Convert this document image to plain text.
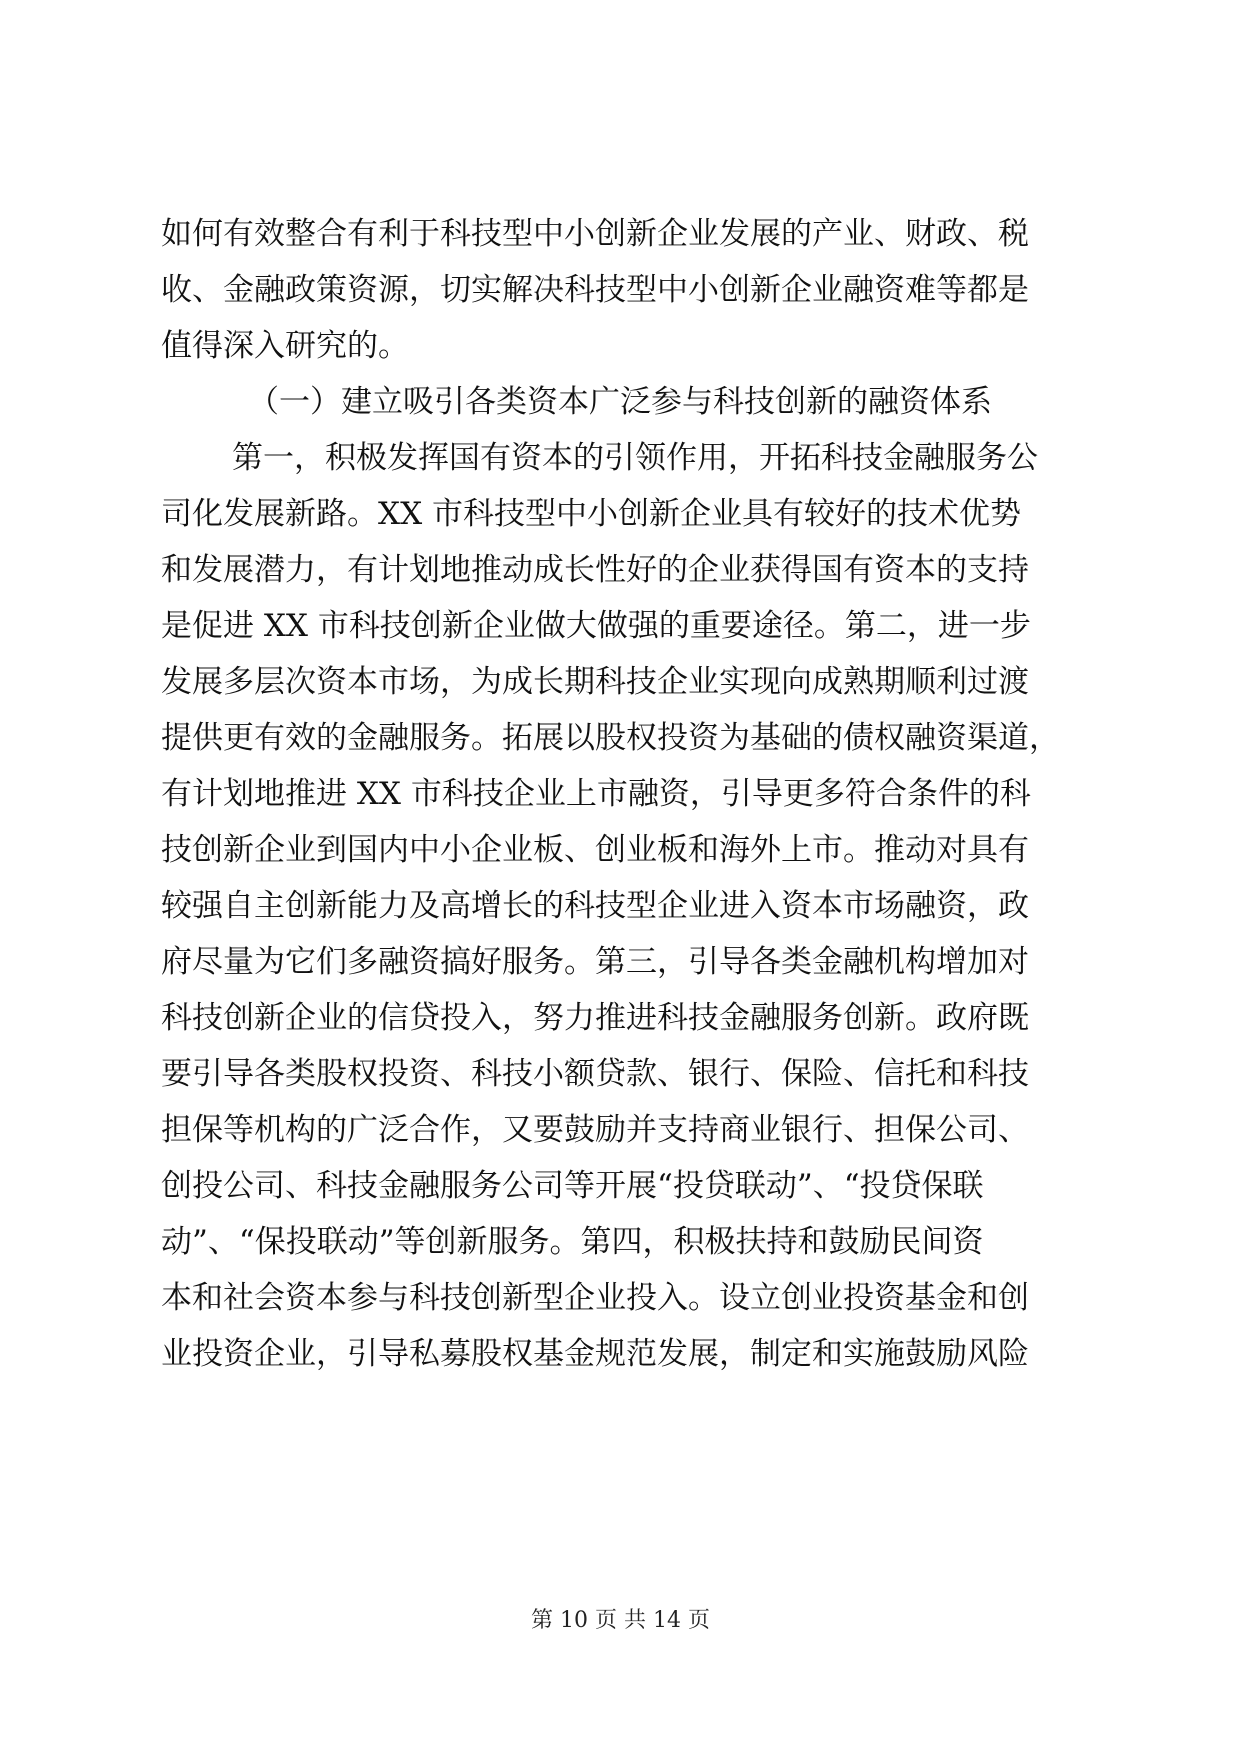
如何有效整合有利于科技型中小创新企业发展的产业、财政、税
收、金融政策资源，切实解决科技型中小创新企业融资难等都是
值得深入研究的。
（一）建立吸引各类资本广泛参与科技创新的融资体系
第一，积极发挥国有资本的引领作用，开拓科技金融服务公
司化发展新路。XX 市科技型中小创新企业具有较好的技术优势
和发展潜力，有计划地推动成长性好的企业获得国有资本的支持
是促进 XX 市科技创新企业做大做强的重要途径。第二，进一步
发展多层次资本市场，为成长期科技企业实现向成熟期顺利过渡
提供更有效的金融服务。拓展以股权投资为基础的债权融资渠道，
有计划地推进 XX 市科技企业上市融资，引导更多符合条件的科
技创新企业到国内中小企业板、创业板和海外上市。推动对具有
较强自主创新能力及高增长的科技型企业进入资本市场融资，政
府尽量为它们多融资搞好服务。第三，引导各类金融机构增加对
科技创新企业的信贷投入，努力推进科技金融服务创新。政府既
要引导各类股权投资、科技小额贷款、银行、保险、信托和科技
担保等机构的广泛合作，又要鼓励并支持商业银行、担保公司、
创投公司、科技金融服务公司等开展“投贷联动”、“投贷保联
动”、“保投联动”等创新服务。第四，积极扶持和鼓励民间资
本和社会资本参与科技创新型企业投入。设立创业投资基金和创
业投资企业，引导私募股权基金规范发展，制定和实施鼓励风险
第 10 页 共 14 页
